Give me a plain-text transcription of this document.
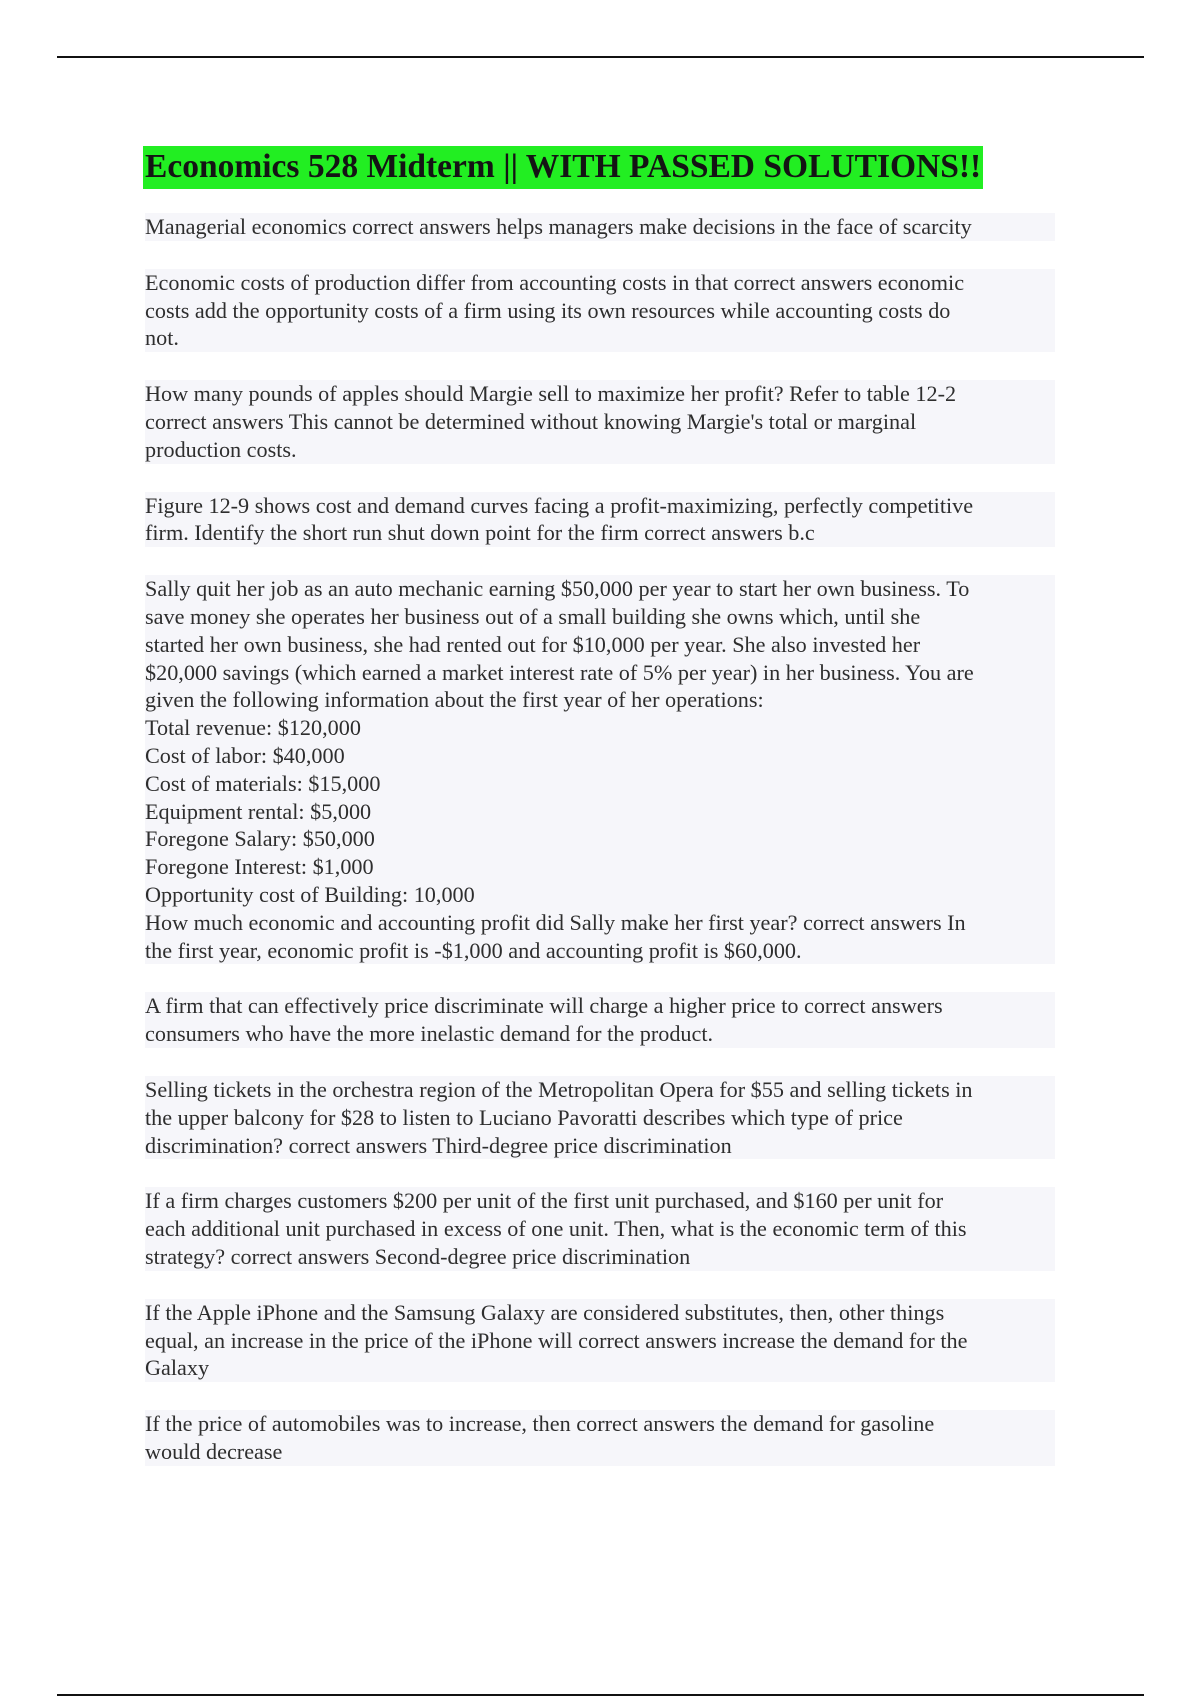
Economics 528 Midterm || WITH PASSED SOLUTIONS!!

Managerial economics correct answers helps managers make decisions in the face of scarcity

Economic costs of production differ from accounting costs in that correct answers economic
costs add the opportunity costs of a firm using its own resources while accounting costs do
not.

How many pounds of apples should Margie sell to maximize her profit? Refer to table 12-2
correct answers This cannot be determined without knowing Margie's total or marginal
production costs.

Figure 12-9 shows cost and demand curves facing a profit-maximizing, perfectly competitive
firm. Identify the short run shut down point for the firm correct answers b.c

Sally quit her job as an auto mechanic earning $50,000 per year to start her own business. To
save money she operates her business out of a small building she owns which, until she
started her own business, she had rented out for $10,000 per year. She also invested her
$20,000 savings (which earned a market interest rate of 5% per year) in her business. You are
given the following information about the first year of her operations:
Total revenue: $120,000
Cost of labor: $40,000
Cost of materials: $15,000
Equipment rental: $5,000
Foregone Salary: $50,000
Foregone Interest: $1,000
Opportunity cost of Building: 10,000
How much economic and accounting profit did Sally make her first year? correct answers In
the first year, economic profit is -$1,000 and accounting profit is $60,000.

A firm that can effectively price discriminate will charge a higher price to correct answers
consumers who have the more inelastic demand for the product.

Selling tickets in the orchestra region of the Metropolitan Opera for $55 and selling tickets in
the upper balcony for $28 to listen to Luciano Pavoratti describes which type of price
discrimination? correct answers Third-degree price discrimination

If a firm charges customers $200 per unit of the first unit purchased, and $160 per unit for
each additional unit purchased in excess of one unit. Then, what is the economic term of this
strategy? correct answers Second-degree price discrimination

If the Apple iPhone and the Samsung Galaxy are considered substitutes, then, other things
equal, an increase in the price of the iPhone will correct answers increase the demand for the
Galaxy

If the price of automobiles was to increase, then correct answers the demand for gasoline
would decrease
